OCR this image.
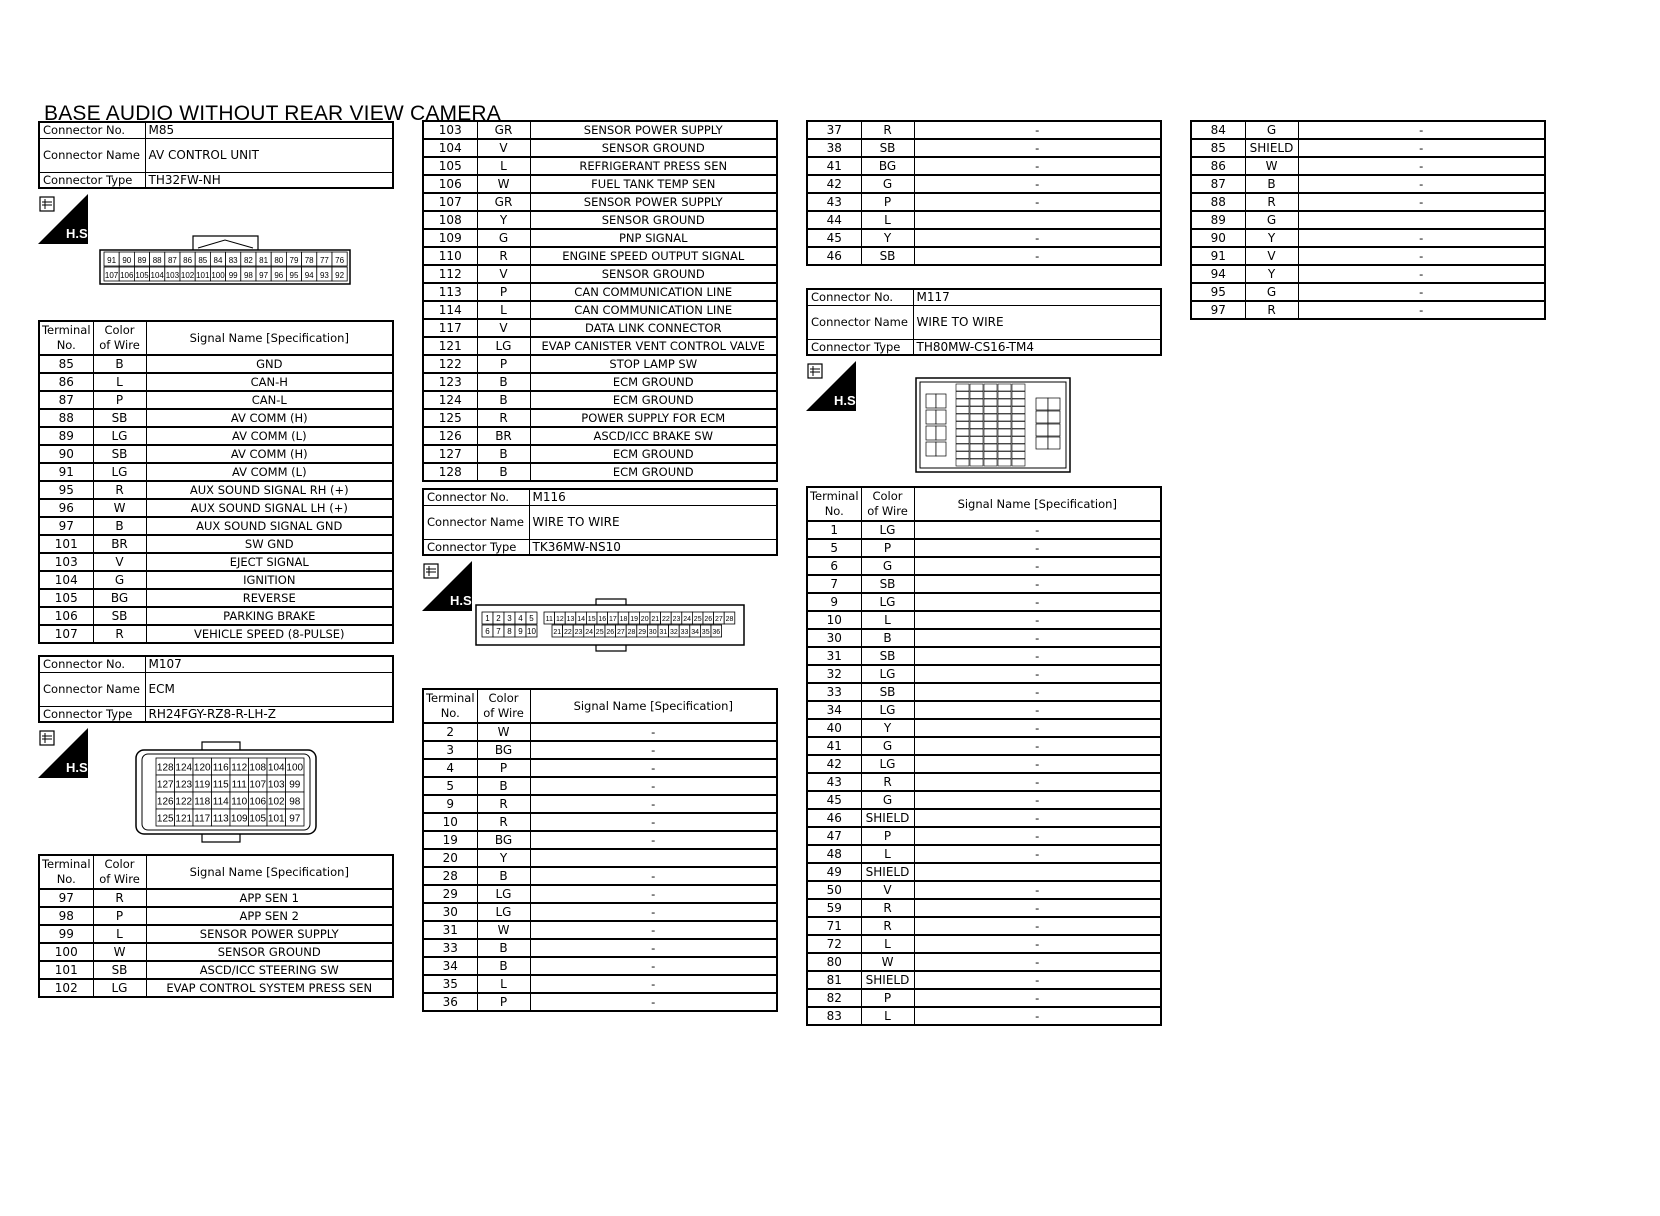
BASE AUDIO WITHOUT REAR VIEW CAMERA
Connector No.	M85
Connector Name	AV CONTROL UNIT
Connector Type	TH32FW-NH
H.S.
91 90 89 88 87 86 85 84 83 82 81 80 79 78 77 76
107 106 105 104 103 102 101 100 99 98 97 96 95 94 93 92
Terminal
No.	Color
of Wire	Signal Name [Specification]
85	B	GND
86	L	CAN-H
87	P	CAN-L
88	SB	AV COMM (H)
89	LG	AV COMM (L)
90	SB	AV COMM (H)
91	LG	AV COMM (L)
95	R	AUX SOUND SIGNAL RH (+)
96	W	AUX SOUND SIGNAL LH (+)
97	B	AUX SOUND SIGNAL GND
101	BR	SW GND
103	V	EJECT SIGNAL
104	G	IGNITION
105	BG	REVERSE
106	SB	PARKING BRAKE
107	R	VEHICLE SPEED (8-PULSE)
Connector No.	M107
Connector Name	ECM
Connector Type	RH24FGY-RZ8-R-LH-Z
H.S.	128 124 120 116 112 108 104 100
127 123 119 115 111 107 103 99
126 122 118 114 110 106 102 98
125 121 117 113 109 105 101 97
Terminal
No.	Color
of Wire	Signal Name [Specification]
97	R	APP SEN 1
98	P	APP SEN 2
99	L	SENSOR POWER SUPPLY
100	W	SENSOR GROUND
101	SB	ASCD/ICC STEERING SW
102	LG	EVAP CONTROL SYSTEM PRESS SEN
103	GR	SENSOR POWER SUPPLY
104	V	SENSOR GROUND
105	L	REFRIGERANT PRESS SEN
106	W	FUEL TANK TEMP SEN
107	GR	SENSOR POWER SUPPLY
108	Y	SENSOR GROUND
109	G	PNP SIGNAL
110	R	ENGINE SPEED OUTPUT SIGNAL
112	V	SENSOR GROUND
113	P	CAN COMMUNICATION LINE
114	L	CAN COMMUNICATION LINE
117	V	DATA LINK CONNECTOR
121	LG	EVAP CANISTER VENT CONTROL VALVE
122	P	STOP LAMP SW
123	B	ECM GROUND
124	B	ECM GROUND
125	R	POWER SUPPLY FOR ECM
126	BR	ASCD/ICC BRAKE SW
127	B	ECM GROUND
128	B	ECM GROUND
Connector No.	M116
Connector Name	WIRE TO WIRE
Connector Type	TK36MW-NS10
H.S.
1 2 3 4 5
6 7 8 9 10
11 12 13 14 15 16 17 18 19 20 21 22 23 24 25 26 27 28
21 22 23 24 25 26 27 28 29 30 31 32 33 34 35 36
Terminal
No.	Color
of Wire	Signal Name [Specification]
2	W	-
3	BG	-
4	P	-
5	B	-
9	R	-
10	R	-
19	BG	-
20	Y	
28	B	-
29	LG	-
30	LG	-
31	W	-
33	B	-
34	B	-
35	L	-
36	P	-
37	R	-
38	SB	-
41	BG	-
42	G	-
43	P	-
44	L	
45	Y	-
46	SB	-
Connector No.	M117
Connector Name	WIRE TO WIRE
Connector Type	TH80MW-CS16-TM4
H.S.
Terminal
No.	Color
of Wire	Signal Name [Specification]
1	LG	-
5	P	-
6	G	-
7	SB	-
9	LG	-
10	L	-
30	B	-
31	SB	-
32	LG	-
33	SB	-
34	LG	-
40	Y	-
41	G	-
42	LG	-
43	R	-
45	G	-
46	SHIELD	-
47	P	-
48	L	-
49	SHIELD	
50	V	-
59	R	-
71	R	-
72	L	-
80	W	-
81	SHIELD	-
82	P	-
83	L	-
84	G	-
85	SHIELD	-
86	W	-
87	B	-
88	R	-
89	G	
90	Y	-
91	V	-
94	Y	-
95	G	-
97	R	-
